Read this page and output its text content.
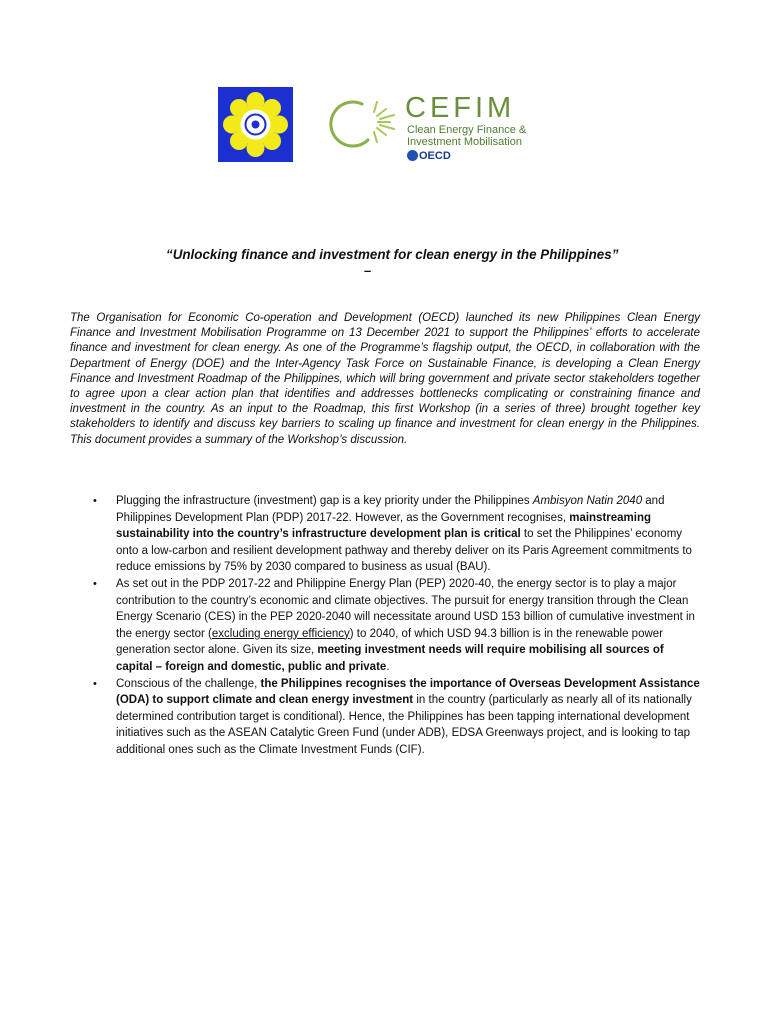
CEFIM
Clean Energy Finance &
Investment Mobilisation
OECD
“Unlocking finance and investment for clean energy in the Philippines”
–

The Organisation for Economic Co-operation and Development (OECD) launched its new Philippines Clean Energy Finance and Investment Mobilisation Programme on 13 December 2021 to support the Philippines’ efforts to accelerate finance and investment for clean energy. As one of the Programme’s flagship output, the OECD, in collaboration with the Department of Energy (DOE) and the Inter-Agency Task Force on Sustainable Finance, is developing a Clean Energy Finance and Investment Roadmap of the Philippines, which will bring government and private sector stakeholders together to agree upon a clear action plan that identifies and addresses bottlenecks complicating or constraining finance and investment in the country. As an input to the Roadmap, this first Workshop (in a series of three) brought together key stakeholders to identify and discuss key barriers to scaling up finance and investment for clean energy in the Philippines. This document provides a summary of the Workshop’s discussion.

• Plugging the infrastructure (investment) gap is a key priority under the Philippines Ambisyon Natin 2040 and Philippines Development Plan (PDP) 2017-22. However, as the Government recognises, mainstreaming sustainability into the country’s infrastructure development plan is critical to set the Philippines’ economy onto a low-carbon and resilient development pathway and thereby deliver on its Paris Agreement commitments to reduce emissions by 75% by 2030 compared to business as usual (BAU).
• As set out in the PDP 2017-22 and Philippine Energy Plan (PEP) 2020-40, the energy sector is to play a major contribution to the country’s economic and climate objectives. The pursuit for energy transition through the Clean Energy Scenario (CES) in the PEP 2020-2040 will necessitate around USD 153 billion of cumulative investment in the energy sector (excluding energy efficiency) to 2040, of which USD 94.3 billion is in the renewable power generation sector alone. Given its size, meeting investment needs will require mobilising all sources of capital – foreign and domestic, public and private.
• Conscious of the challenge, the Philippines recognises the importance of Overseas Development Assistance (ODA) to support climate and clean energy investment in the country (particularly as nearly all of its nationally determined contribution target is conditional). Hence, the Philippines has been tapping international development initiatives such as the ASEAN Catalytic Green Fund (under ADB), EDSA Greenways project, and is looking to tap additional ones such as the Climate Investment Funds (CIF).
